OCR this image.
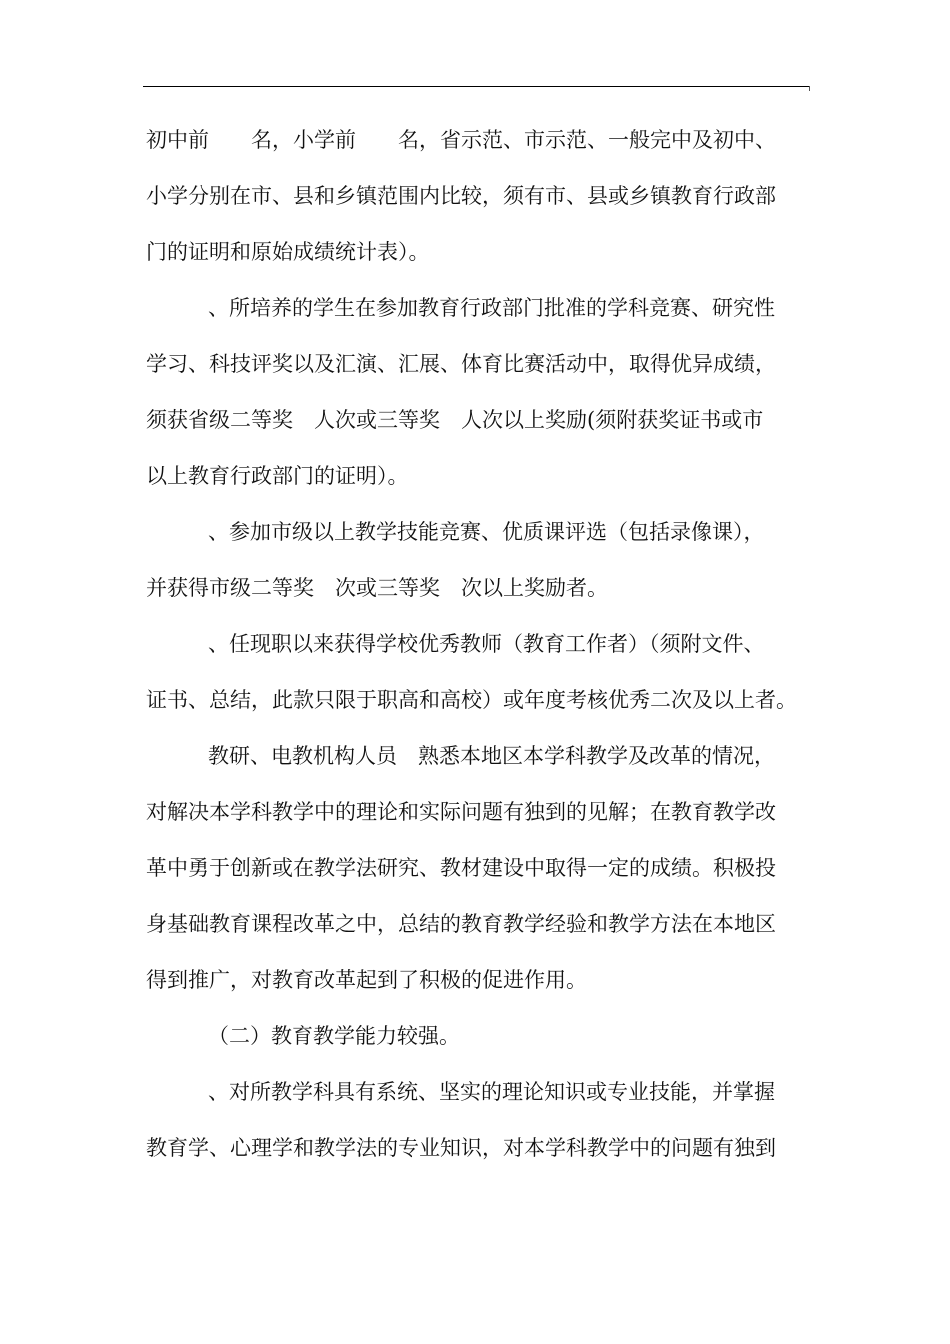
初中前　　名，小学前　　名，省示范、市示范、一般完中及初中、
小学分别在市、县和乡镇范围内比较，须有市、县或乡镇教育行政部
门的证明和原始成绩统计表）。
、所培养的学生在参加教育行政部门批准的学科竞赛、研究性
学习、科技评奖以及汇演、汇展、体育比赛活动中，取得优异成绩，
须获省级二等奖　人次或三等奖　人次以上奖励(须附获奖证书或市
以上教育行政部门的证明）。
、参加市级以上教学技能竞赛、优质课评选（包括录像课），
并获得市级二等奖　次或三等奖　次以上奖励者。
、任现职以来获得学校优秀教师（教育工作者）（须附文件、
证书、总结，此款只限于职高和高校）或年度考核优秀二次及以上者。
教研、电教机构人员　熟悉本地区本学科教学及改革的情况，
对解决本学科教学中的理论和实际问题有独到的见解；在教育教学改
革中勇于创新或在教学法研究、教材建设中取得一定的成绩。积极投
身基础教育课程改革之中，总结的教育教学经验和教学方法在本地区
得到推广，对教育改革起到了积极的促进作用。
（二）教育教学能力较强。
、对所教学科具有系统、坚实的理论知识或专业技能，并掌握
教育学、心理学和教学法的专业知识，对本学科教学中的问题有独到
